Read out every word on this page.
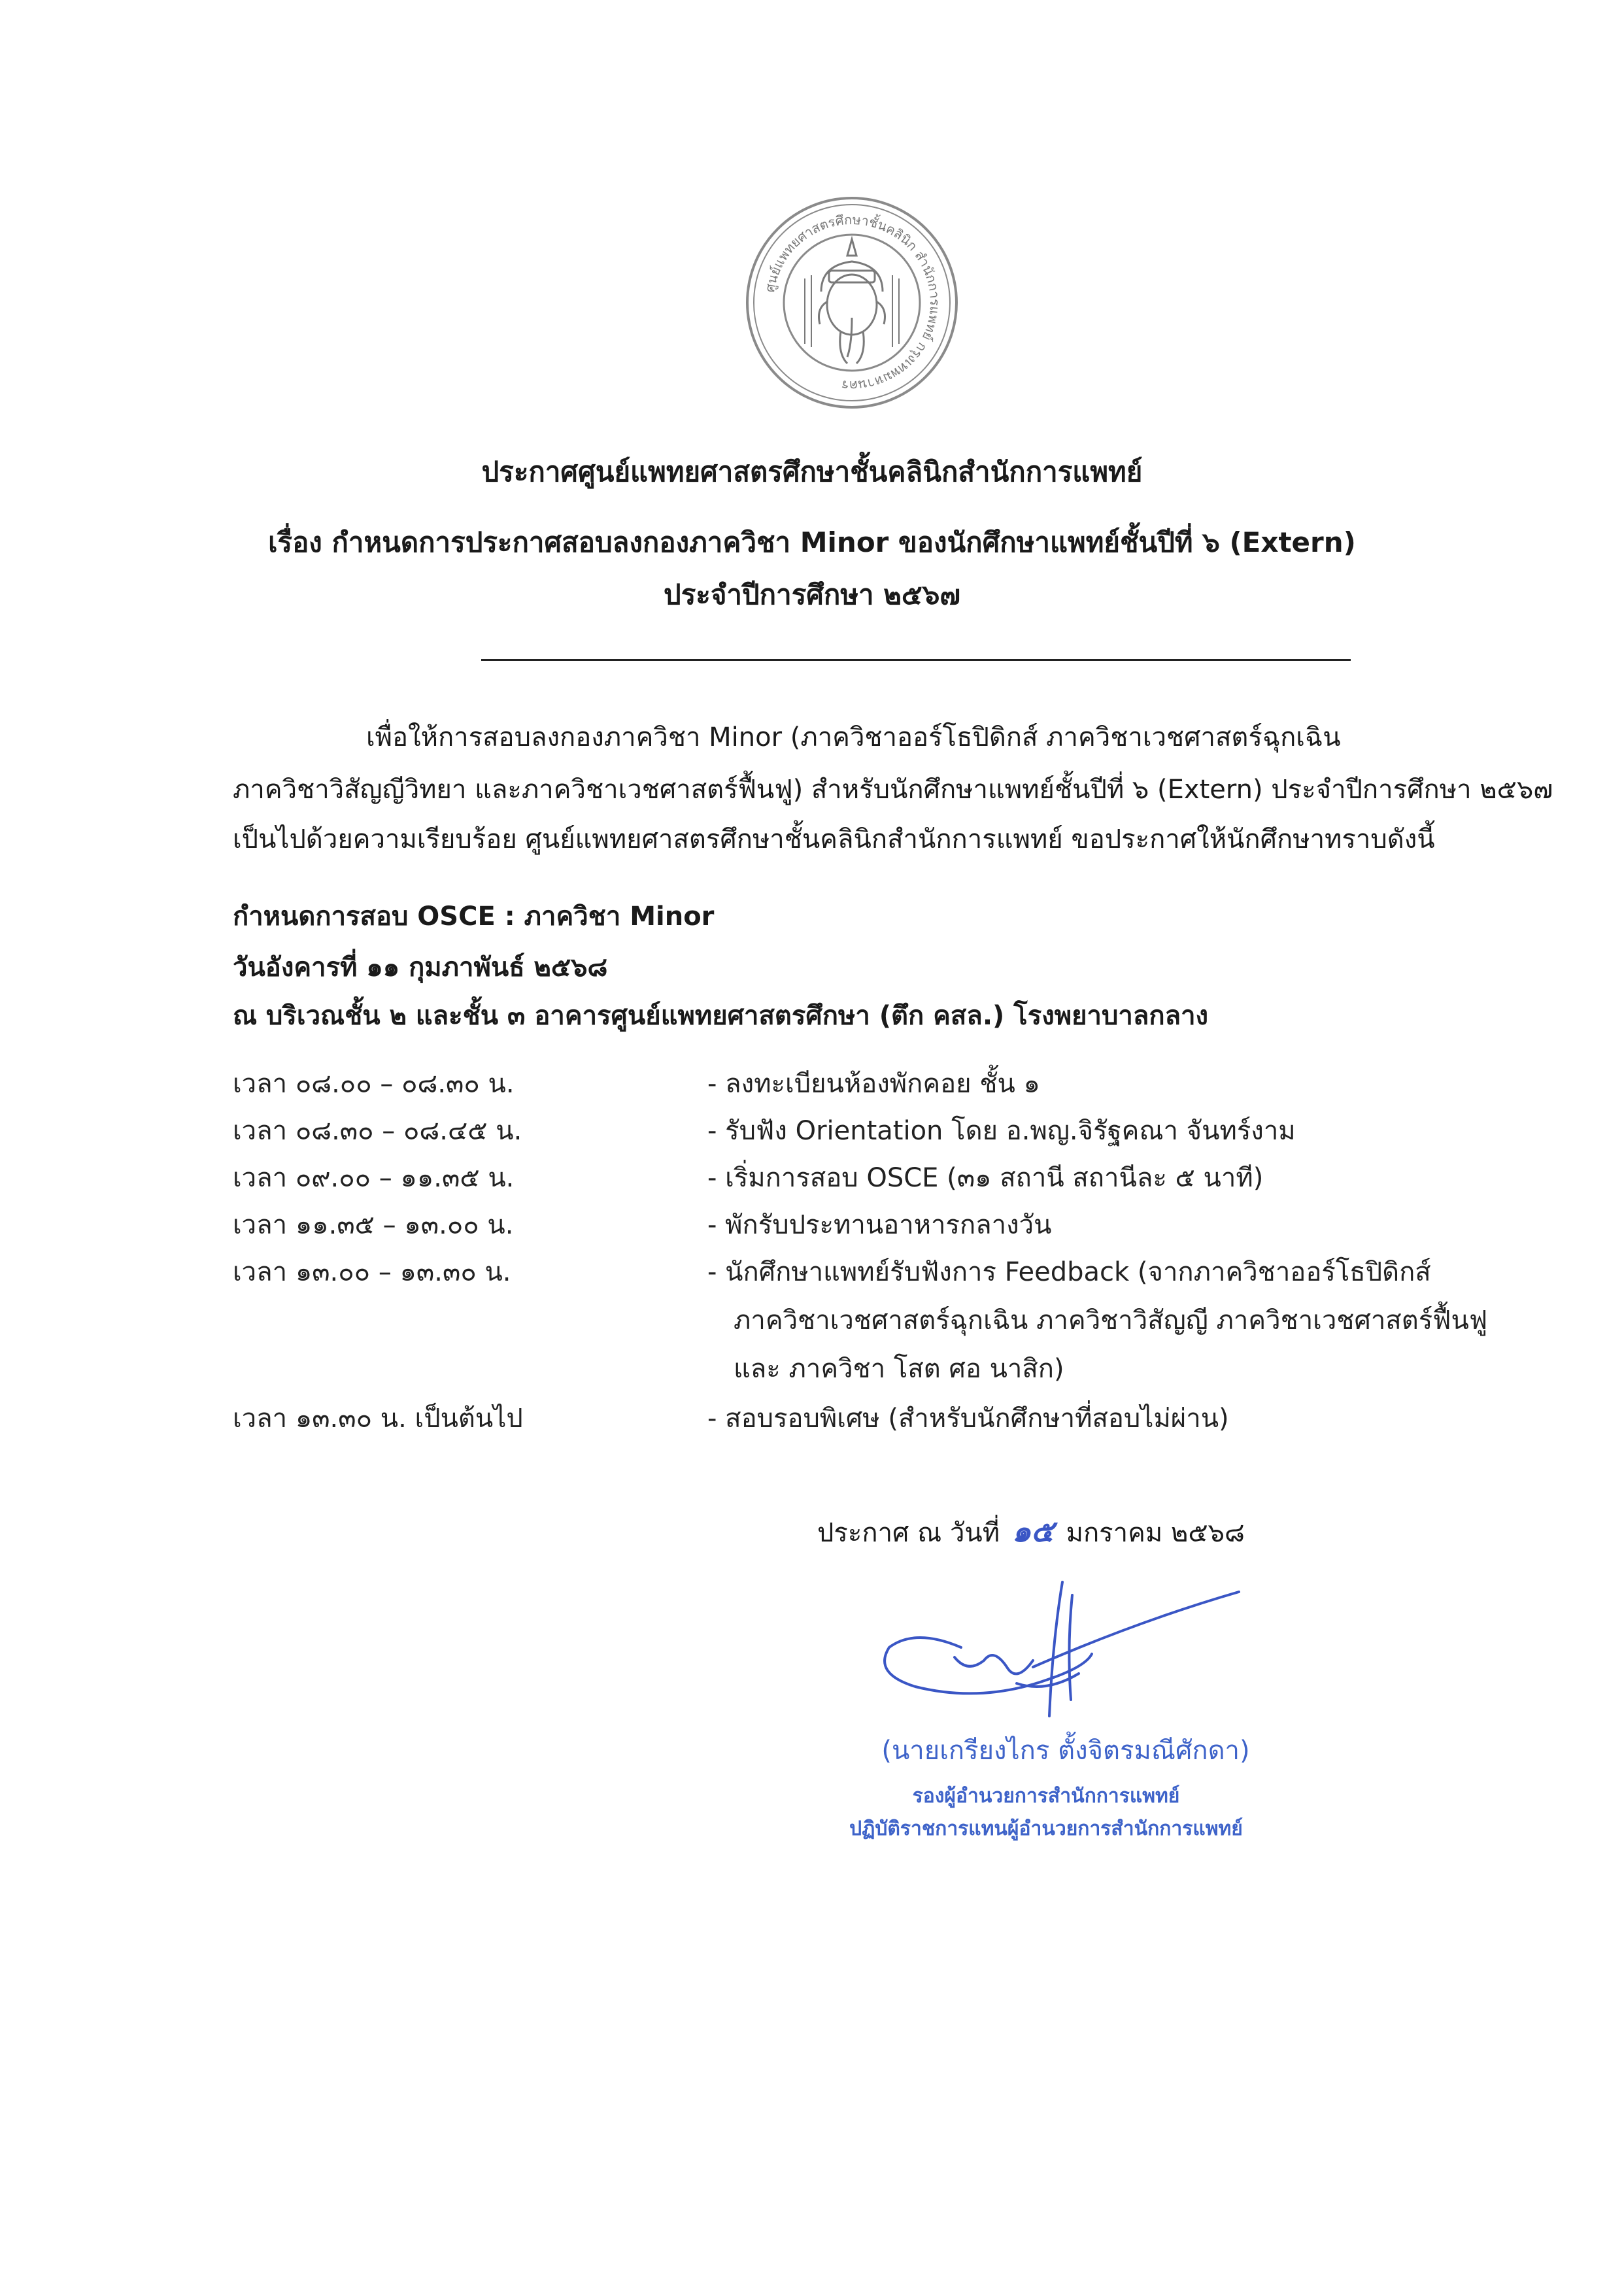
ศูนย์แพทยศาสตรศึกษาชั้นคลินิก สำนักการแพทย์ กรุงเทพมหานคร
ประกาศศูนย์แพทยศาสตรศึกษาชั้นคลินิกสำนักการแพทย์
เรื่อง กำหนดการประกาศสอบลงกองภาควิชา Minor ของนักศึกษาแพทย์ชั้นปีที่ ๖ (Extern)
ประจำปีการศึกษา ๒๕๖๗
เพื่อให้การสอบลงกองภาควิชา Minor (ภาควิชาออร์โธปิดิกส์ ภาควิชาเวชศาสตร์ฉุกเฉิน
ภาควิชาวิสัญญีวิทยา และภาควิชาเวชศาสตร์ฟื้นฟู) สำหรับนักศึกษาแพทย์ชั้นปีที่ ๖ (Extern) ประจำปีการศึกษา ๒๕๖๗
เป็นไปด้วยความเรียบร้อย ศูนย์แพทยศาสตรศึกษาชั้นคลินิกสำนักการแพทย์ ขอประกาศให้นักศึกษาทราบดังนี้
กำหนดการสอบ OSCE : ภาควิชา Minor
วันอังคารที่ ๑๑ กุมภาพันธ์ ๒๕๖๘
ณ บริเวณชั้น ๒ และชั้น ๓ อาคารศูนย์แพทยศาสตรศึกษา (ตึก คสล.) โรงพยาบาลกลาง
เวลา ๐๘.๐๐ – ๐๘.๓๐ น.	- ลงทะเบียนห้องพักคอย ชั้น ๑
เวลา ๐๘.๓๐ – ๐๘.๔๕ น.	- รับฟัง Orientation โดย อ.พญ.จิรัฐคณา จันทร์งาม
เวลา ๐๙.๐๐ – ๑๑.๓๕ น.	- เริ่มการสอบ OSCE (๓๑ สถานี สถานีละ ๕ นาที)
เวลา ๑๑.๓๕ – ๑๓.๐๐ น.	- พักรับประทานอาหารกลางวัน
เวลา ๑๓.๐๐ – ๑๓.๓๐ น.	- นักศึกษาแพทย์รับฟังการ Feedback (จากภาควิชาออร์โธปิดิกส์
ภาควิชาเวชศาสตร์ฉุกเฉิน ภาควิชาวิสัญญี ภาควิชาเวชศาสตร์ฟื้นฟู
และ ภาควิชา โสต ศอ นาสิก)
เวลา ๑๓.๓๐ น. เป็นต้นไป	- สอบรอบพิเศษ (สำหรับนักศึกษาที่สอบไม่ผ่าน)
ประกาศ ณ วันที่ ๑๕ มกราคม ๒๕๖๘
(นายเกรียงไกร ตั้งจิตรมณีศักดา)
รองผู้อำนวยการสำนักการแพทย์
ปฏิบัติราชการแทนผู้อำนวยการสำนักการแพทย์
